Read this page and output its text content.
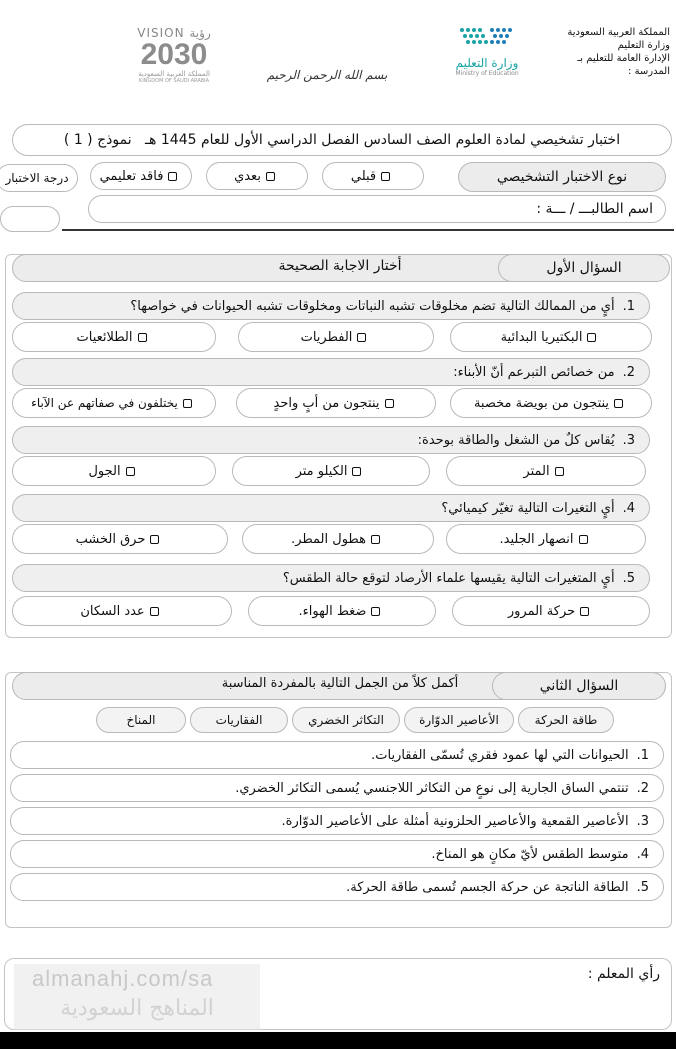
المملكة العربية السعودية
وزارة التعليم
الإدارة العامة للتعليم بـ
المدرسة :
وزارة التعليم
Ministry of Education
بسم الله الرحمن الرحيم
VISION رؤية
2030
المملكة العربية السعودية
KINGDOM OF SAUDI ARABIA
اختبار تشخيصي لمادة العلوم الصف السادس الفصل الدراسي الأول للعام 1445 هـ   نموذج ( 1 )
نوع الاختبار التشخيصي
قبلي
بعدي
فاقد تعليمي
درجة الاختبار
اسم الطالبـــ / ـــة :
السؤال الأول
أختار الاجابة الصحيحة
1.
أيٍ من الممالك التالية تضم مخلوقات تشبه النباتات ومخلوقات تشبه الحيوانات في خواصها؟
البكتيريا البدائية
الفطريات
الطلائعيات
2.
من خصائص التبرعم أنّ الأبناء:
ينتجون من بويضة مخصبة
ينتجون من أبٍ واحدٍ
يختلفون في صفاتهم عن الآباء
3.
يُقاس كلٌ من الشغل والطاقة بوحدة:
المتر
الكيلو متر
الجول
4.
أيٍ التغيرات التالية تغيّر كيميائي؟
انصهار الجليد.
هطول المطر.
حرق الخشب
5.
أيٍ المتغيرات التالية يقيسها علماء الأرصاد لتوقع حالة الطقس؟
حركة المرور
ضغط الهواء.
عدد السكان
السؤال الثاني
أكمل كلاً من الجمل التالية بالمفردة المناسبة
طاقة الحركة
الأعاصير الدوّارة
التكاثر الخضري
الفقاريات
المناخ
1.
الحيوانات التي لها عمود فقري تُسمّى الفقاريات.
2.
تنتمي الساق الجارية إلى نوعٍ من التكاثر اللاجنسي يُسمى التكاثر الخضري.
3.
الأعاصير القمعية والأعاصير الحلزونية أمثلة على الأعاصير الدوّارة.
4.
متوسط الطقس لأيّ مكانٍ هو المناخ.
5.
الطاقة الناتجة عن حركة الجسم تُسمى طاقة الحركة.
رأي المعلم :
almanahj.com/sa
المناهج السعودية
